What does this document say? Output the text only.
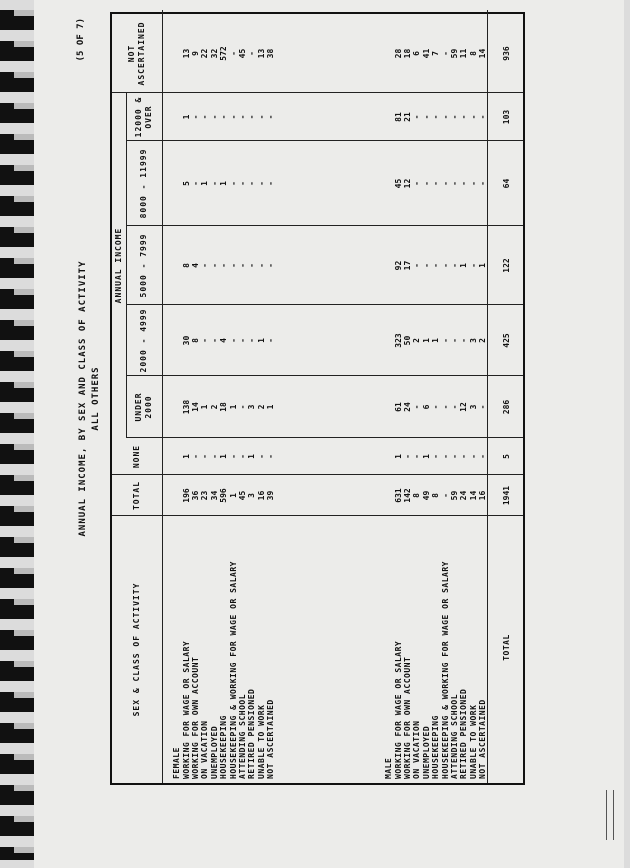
ANNUAL INCOME, BY SEX AND CLASS OF ACTIVITY ALL OTHERS
(5 OF 7)
SEX & CLASS OF ACTIVITY
ANNUAL INCOME
TOTAL
NONE
UNDER 2000
2000 - 4999
5000 - 7999
8000 - 11999
12000 & OVER
NOT ASCERTAINED
FEMALE WORKING FOR WAGE OR SALARY
196
1
138
30
8
5
1
13
WORKING FOR OWN ACCOUNT
36
-
14
8
4
-
-
9
ON VACATION
23
-
1
-
-
1
-
22
UNEMPLOYED
34
-
2
-
-
-
-
32
HOUSEKEEPING
596
1
18
4
-
1
-
572
HOUSEKEEPING & WORKING FOR WAGE OR SALARY
1
-
1
-
-
-
-
-
ATTENDING SCHOOL
45
-
-
-
-
-
-
45
RETIRED PENSIONED
3
1
3
-
-
-
-
-
UNABLE TO WORK
16
-
2
1
-
-
-
13
NOT ASCERTAINED
39
-
1
-
-
-
-
38
MALE WORKING FOR WAGE OR SALARY
631
1
61
323
92
45
81
28
WORKING FOR OWN ACCOUNT
142
-
24
50
17
12
21
18
ON VACATION
8
-
-
2
-
-
-
6
UNEMPLOYED
49
1
6
1
-
-
-
41
HOUSEKEEPING
8
-
-
1
-
-
-
7
HOUSEKEEPING & WORKING FOR WAGE OR SALARY
-
-
-
-
-
-
-
-
ATTENDING SCHOOL
59
-
-
-
-
-
-
59
RETIRED PENSIONED
24
-
12
-
1
-
-
11
UNABLE TO WORK
14
-
3
3
-
-
-
8
NOT ASCERTAINED
16
-
-
2
1
-
-
14
TOTAL
1941
5
286
425
122
64
103
936
